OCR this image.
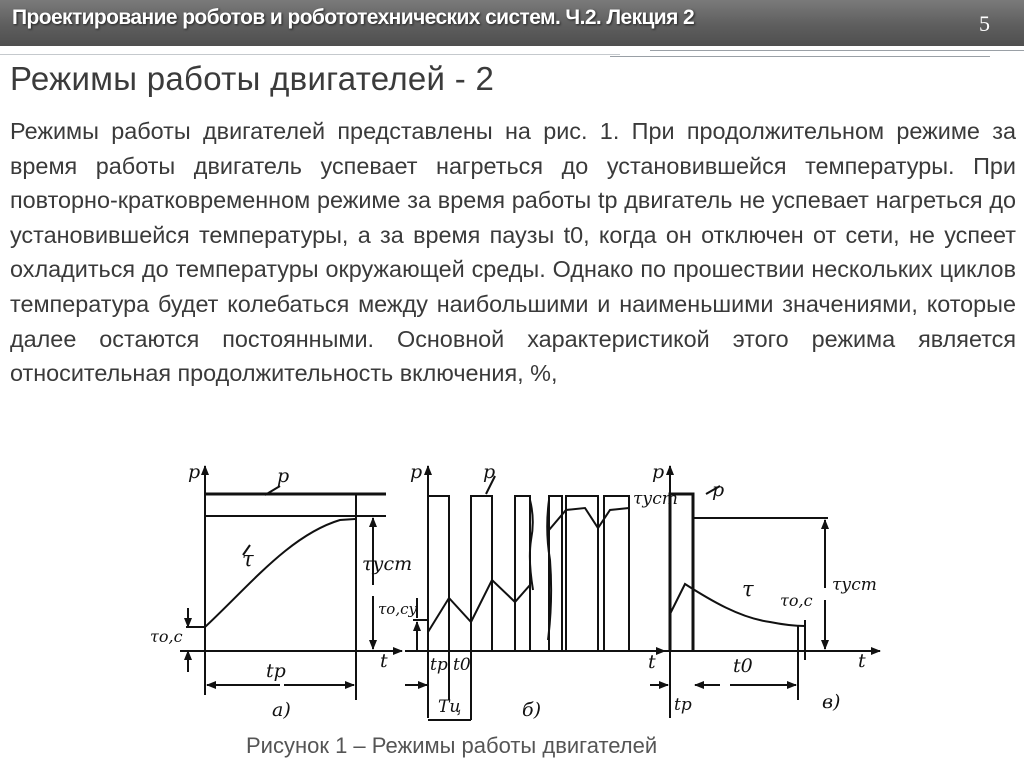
Проектирование роботов и робототехнических систем. Ч.2. Лекция 2	5
Режимы работы двигателей - 2
Режимы работы двигателей представлены на рис. 1. При продолжительном режиме за время работы двигатель успевает нагреться до установившейся температуры. При повторно-кратковременном режиме за время работы tр двигатель не успевает нагреться до установившейся температуры, а за время паузы t0, когда он отключен от сети, не успеет охладиться до температуры окружающей среды. Однако по прошествии нескольких циклов температура будет колебаться между наибольшими и наименьшими значениями, которые далее остаются постоянными. Основной характеристикой этого режима является относительная продолжительность включения, %,
p	p
τ	τуст
τо,с
t
tр
а)
p	p
τуст
τо,су
t
tр t0
Tц	б)
p
p
τ	τуст
τо,с
t
tр
t0
в)
Рисунок 1 – Режимы работы двигателей
